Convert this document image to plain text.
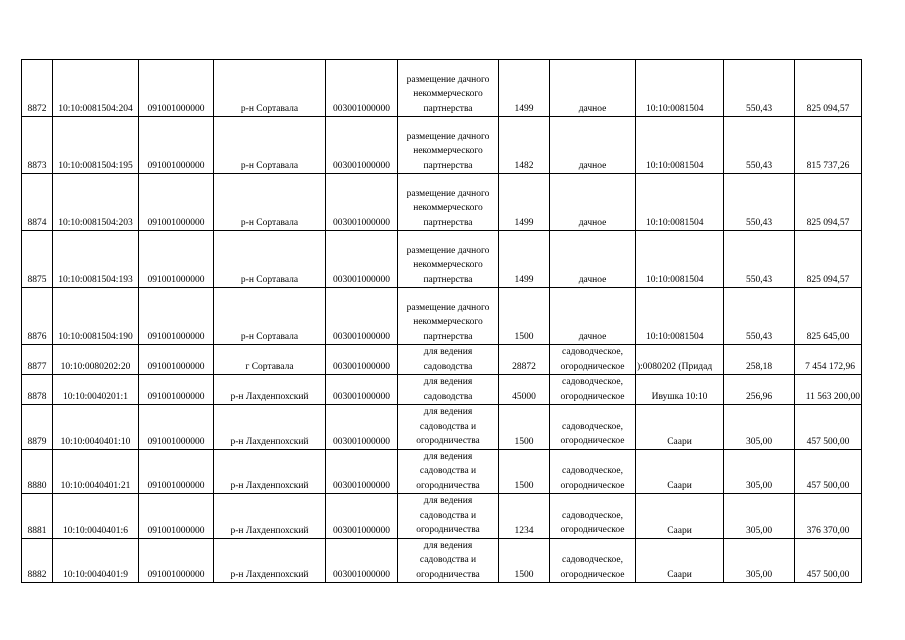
8872	10:10:0081504:204	091001000000	р-н Сортавала	003001000000	размещение дачного некоммерческого партнерства	1499	дачное	10:10:0081504	550,43	825 094,57
8873	10:10:0081504:195	091001000000	р-н Сортавала	003001000000	размещение дачного некоммерческого партнерства	1482	дачное	10:10:0081504	550,43	815 737,26
8874	10:10:0081504:203	091001000000	р-н Сортавала	003001000000	размещение дачного некоммерческого партнерства	1499	дачное	10:10:0081504	550,43	825 094,57
8875	10:10:0081504:193	091001000000	р-н Сортавала	003001000000	размещение дачного некоммерческого партнерства	1499	дачное	10:10:0081504	550,43	825 094,57
8876	10:10:0081504:190	091001000000	р-н Сортавала	003001000000	размещение дачного некоммерческого партнерства	1500	дачное	10:10:0081504	550,43	825 645,00
8877	10:10:0080202:20	091001000000	г Сортавала	003001000000	для ведения садоводства	28872	садоводческое, огородническое	):0080202 (Придад	258,18	7 454 172,96
8878	10:10:0040201:1	091001000000	р-н Лахденпохский	003001000000	для ведения садоводства	45000	садоводческое, огородническое	Ивушка 10:10	256,96	11 563 200,00
8879	10:10:0040401:10	091001000000	р-н Лахденпохский	003001000000	для ведения садоводства и огородничества	1500	садоводческое, огородническое	Саари	305,00	457 500,00
8880	10:10:0040401:21	091001000000	р-н Лахденпохский	003001000000	для ведения садоводства и огородничества	1500	садоводческое, огородническое	Саари	305,00	457 500,00
8881	10:10:0040401:6	091001000000	р-н Лахденпохский	003001000000	для ведения садоводства и огородничества	1234	садоводческое, огородническое	Саари	305,00	376 370,00
8882	10:10:0040401:9	091001000000	р-н Лахденпохский	003001000000	для ведения садоводства и огородничества	1500	садоводческое, огородническое	Саари	305,00	457 500,00
